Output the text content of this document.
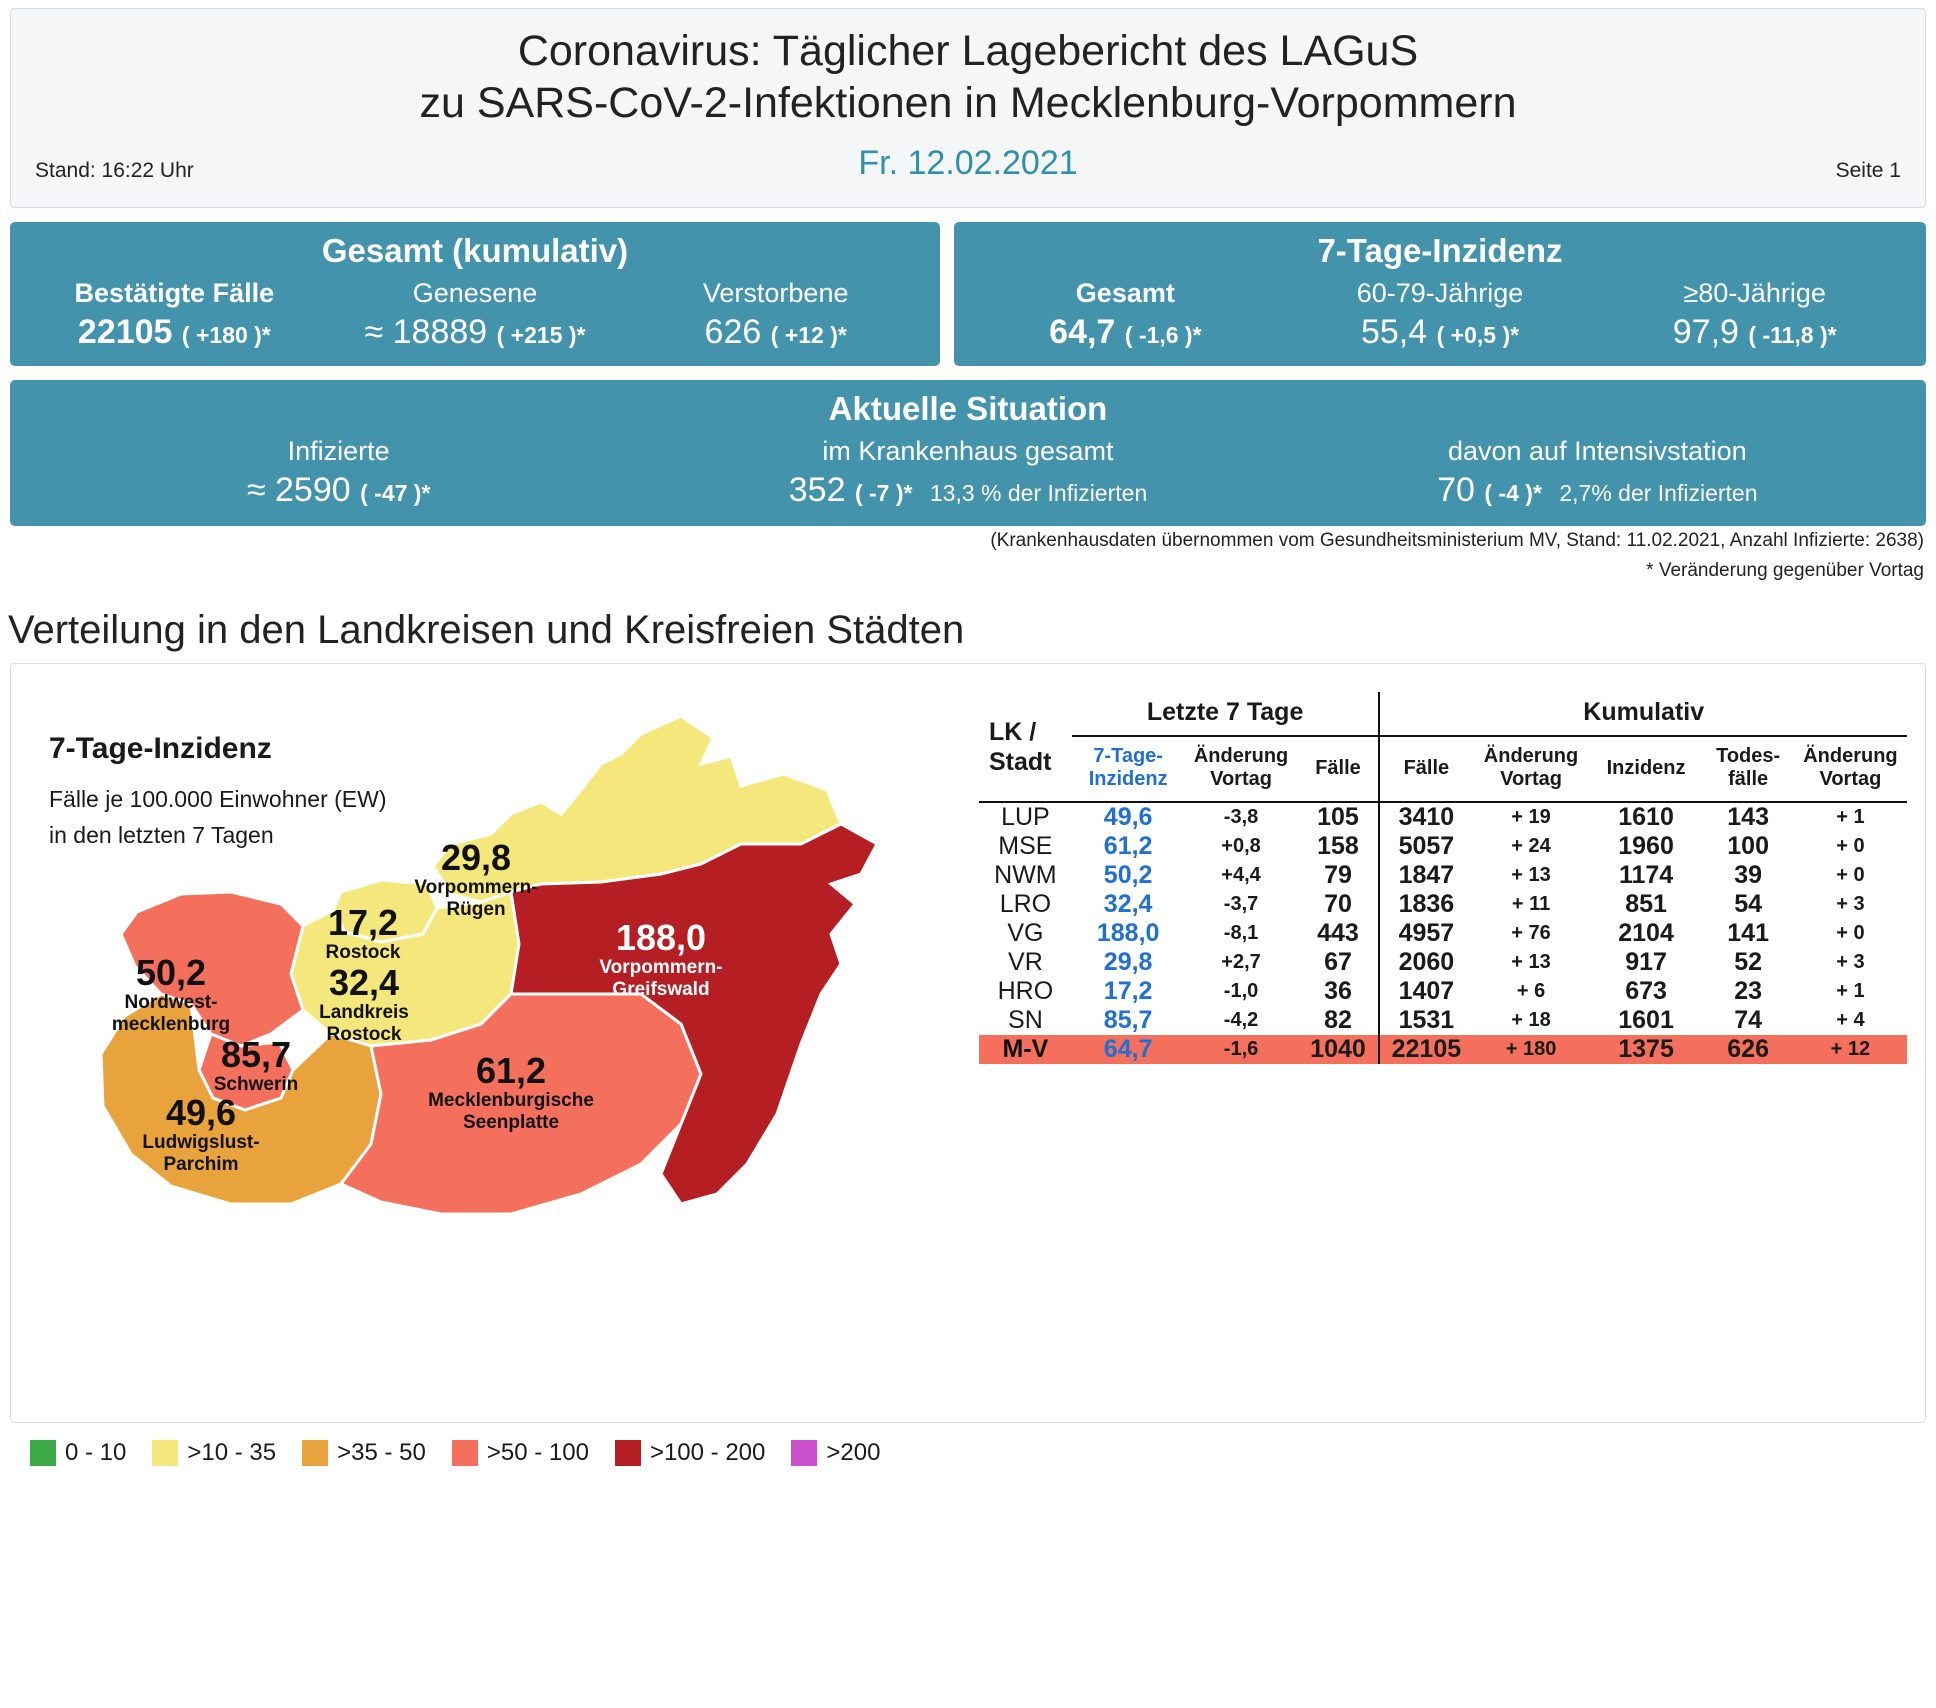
Coronavirus: Täglicher Lagebericht des LAGuS
zu SARS-CoV-2-Infektionen in Mecklenburg-Vorpommern
Stand: 16:22 Uhr	Fr. 12.02.2021	Seite 1
Gesamt (kumulativ)
Bestätigte Fälle
22105 ( +180 )*
Genesene
≈ 18889 ( +215 )*
Verstorbene
626 ( +12 )*
7-Tage-Inzidenz
Gesamt
64,7 ( -1,6 )*
60-79-Jährige
55,4 ( +0,5 )*
≥80-Jährige
97,9 ( -11,8 )*
Aktuelle Situation
Infizierte
≈ 2590 ( -47 )*
im Krankenhaus gesamt
352 ( -7 )* 13,3 % der Infizierten
davon auf Intensivstation
70 ( -4 )* 2,7% der Infizierten
(Krankenhausdaten übernommen vom Gesundheitsministerium MV, Stand: 11.02.2021, Anzahl Infizierte: 2638)
* Veränderung gegenüber Vortag
Verteilung in den Landkreisen und Kreisfreien Städten
7-Tage-Inzidenz
Fälle je 100.000 Einwohner (EW)
in den letzten 7 Tagen
29,8
Vorpommern-
Rügen
17,2
Rostock	188,0
Vorpommern-
Greifswald
50,2
Nordwest-
mecklenburg
32,4
Landkreis
Rostock
85,7
Schwerin	61,2
Mecklenburgische
Seenplatte
49,6
Ludwigslust-
Parchim
LK /
Stadt	Letzte 7 Tage			Kumulativ				

7-Tage-
Inzidenz

Änderung
Vortag
	Fälle	Fälle	
Änderung
Vortag
	Inzidenz	
Todes-
fälle

Änderung
Vortag

LUP	49,6	-3,8	105	3410	+ 19	1610	143	+ 1
MSE	61,2	+0,8	158	5057	+ 24	1960	100	+ 0
NWM	50,2	+4,4	79	1847	+ 13	1174	39	+ 0
LRO	32,4	-3,7	70	1836	+ 11	851	54	+ 3
VG	188,0	-8,1	443	4957	+ 76	2104	141	+ 0
VR	29,8	+2,7	67	2060	+ 13	917	52	+ 3
HRO	17,2	-1,0	36	1407	+ 6	673	23	+ 1
SN	85,7	-4,2	82	1531	+ 18	1601	74	+ 4
M-V	64,7	-1,6	1040	22105	+ 180	1375	626	+ 12
0 - 10	>10 - 35	>35 - 50	>50 - 100	>100 - 200	>200
